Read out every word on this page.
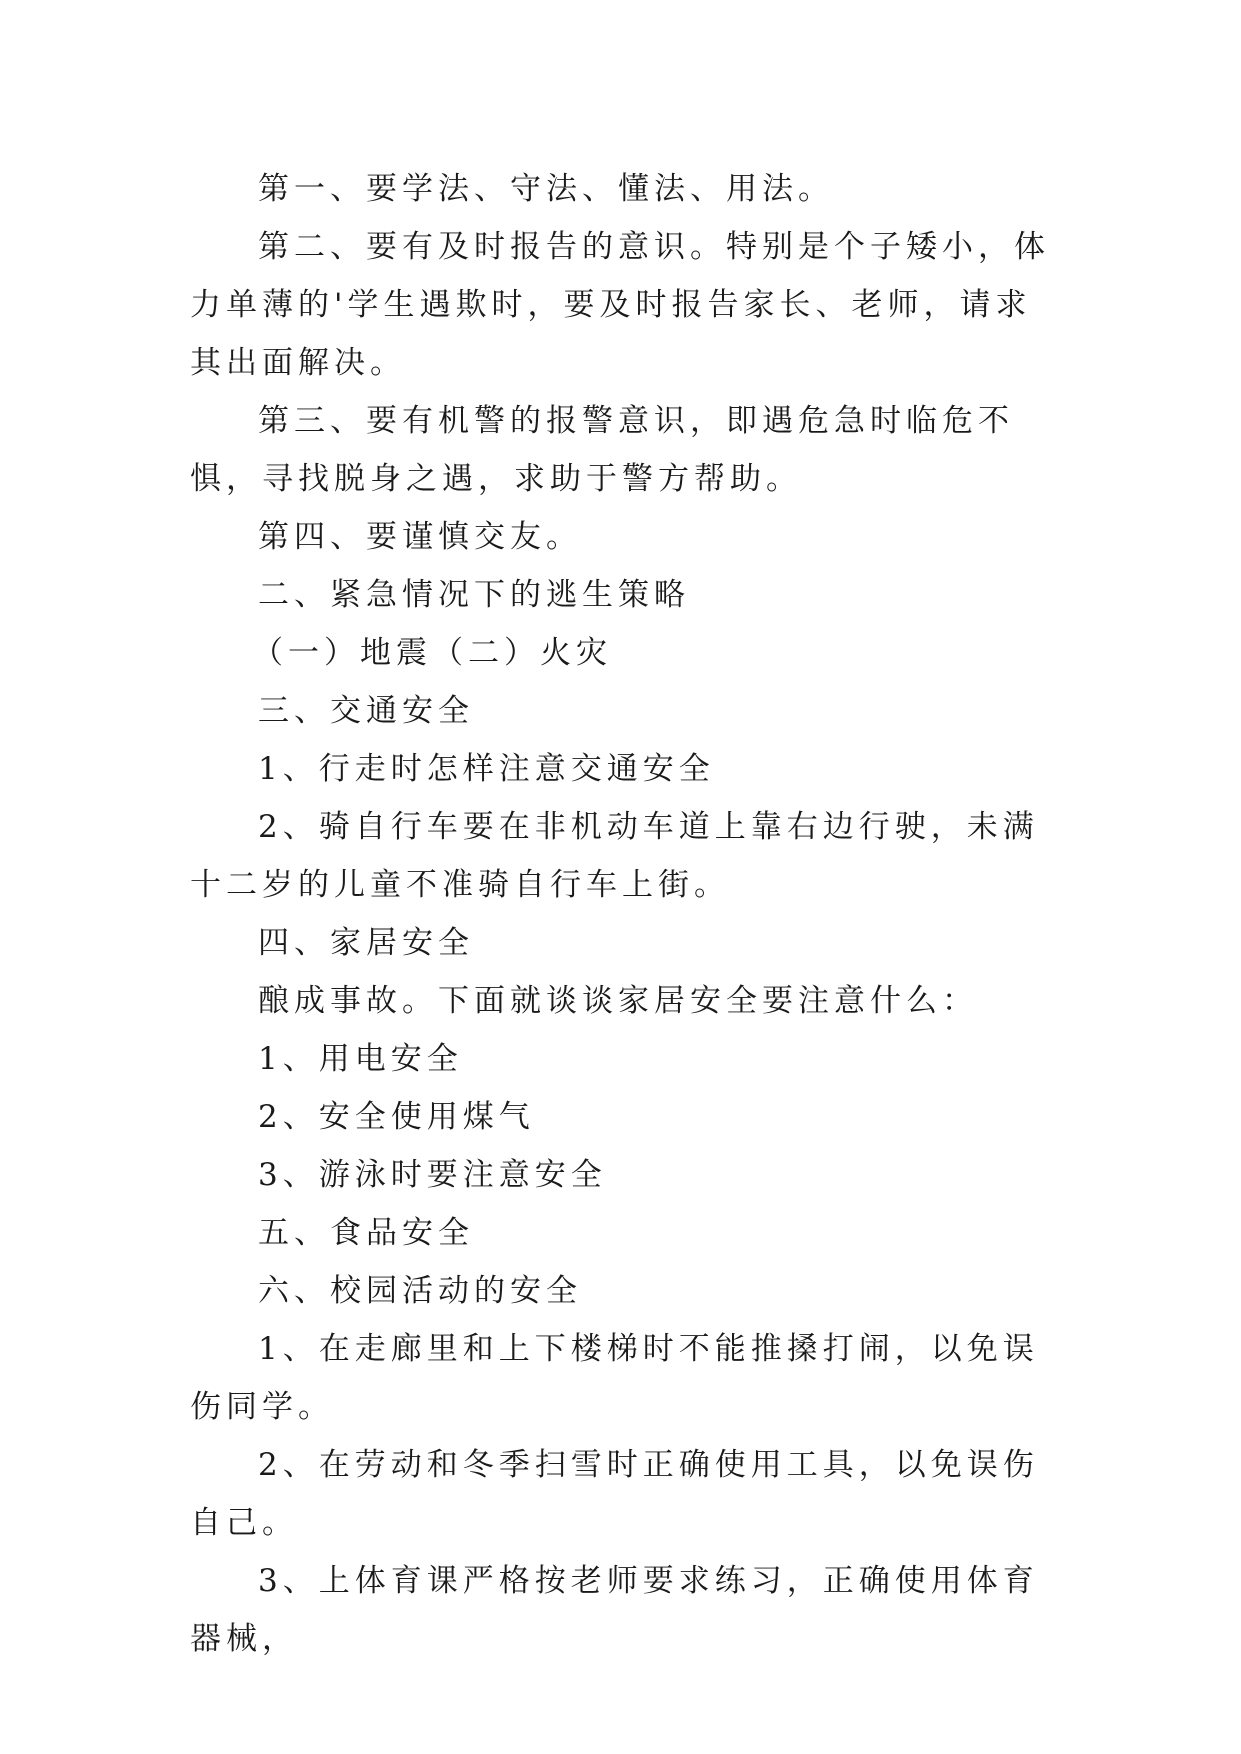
第一、要学法、守法、懂法、用法。

第二、要有及时报告的意识。特别是个子矮小，体力单薄的'学生遇欺时，要及时报告家长、老师，请求其出面解决。

第三、要有机警的报警意识，即遇危急时临危不惧，寻找脱身之遇，求助于警方帮助。

第四、要谨慎交友。

二、紧急情况下的逃生策略

（一）地震（二）火灾

三、交通安全

1、行走时怎样注意交通安全

2、骑自行车要在非机动车道上靠右边行驶，未满十二岁的儿童不准骑自行车上街。

四、家居安全

酿成事故。下面就谈谈家居安全要注意什么：

1、用电安全

2、安全使用煤气

3、游泳时要注意安全

五、食品安全

六、校园活动的安全

1、在走廊里和上下楼梯时不能推搡打闹，以免误伤同学。

2、在劳动和冬季扫雪时正确使用工具，以免误伤自己。

3、上体育课严格按老师要求练习，正确使用体育器械，
